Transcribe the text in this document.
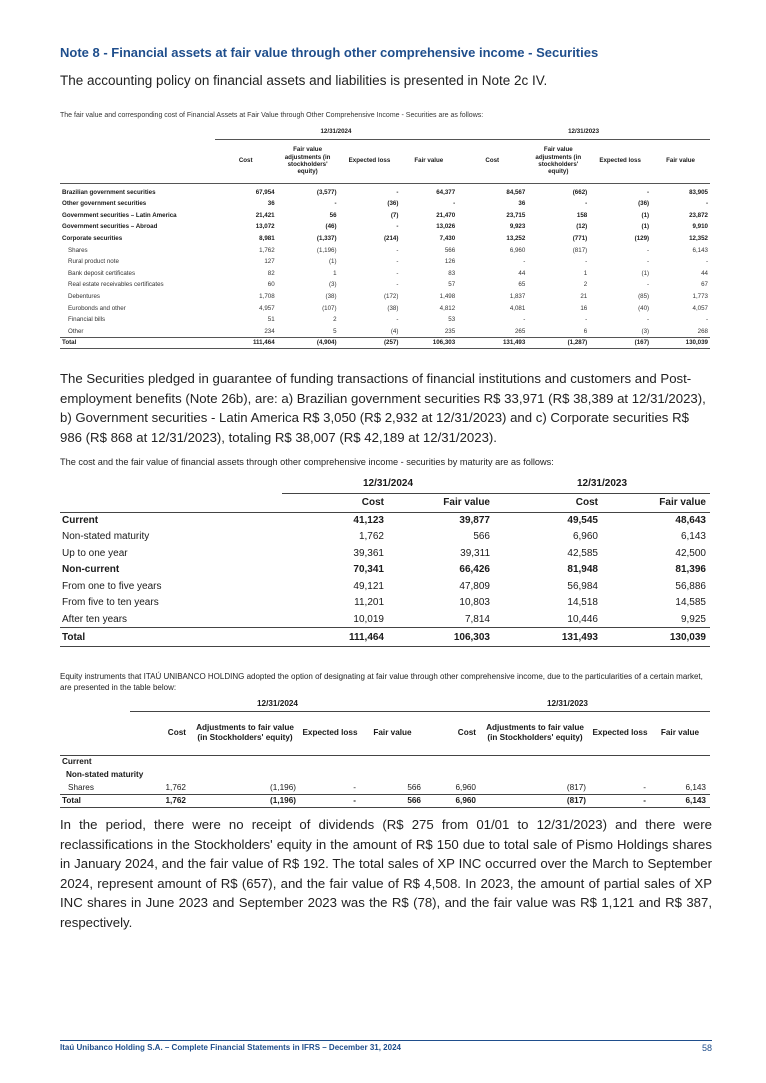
Note 8 - Financial assets at fair value through other comprehensive income - Securities
The accounting policy on financial assets and liabilities is presented in Note 2c IV.
The fair value and corresponding cost of Financial Assets at Fair Value through Other Comprehensive Income - Securities are as follows:
	12/31/2024				12/31/2023			
	Cost	Fair value adjustments (in stockholders' equity)	Expected loss	Fair value	Cost	Fair value adjustments (in stockholders' equity)	Expected loss	Fair value
Brazilian government securities	67,954	(3,577)	-	64,377	84,567	(662)	-	83,905
Other government securities	36	-	(36)	-	36	-	(36)	-
Government securities – Latin America	21,421	56	(7)	21,470	23,715	158	(1)	23,872
Government securities – Abroad	13,072	(46)	-	13,026	9,923	(12)	(1)	9,910
Corporate securities	8,981	(1,337)	(214)	7,430	13,252	(771)	(129)	12,352
Shares	1,762	(1,196)	-	566	6,960	(817)	-	6,143
Rural product note	127	(1)	-	126	-	-	-	-
Bank deposit certificates	82	1	-	83	44	1	(1)	44
Real estate receivables certificates	60	(3)	-	57	65	2	-	67
Debentures	1,708	(38)	(172)	1,498	1,837	21	(85)	1,773
Eurobonds and other	4,957	(107)	(38)	4,812	4,081	16	(40)	4,057
Financial bills	51	2	-	53	-	-	-	-
Other	234	5	(4)	235	265	6	(3)	268
Total	111,464	(4,904)	(257)	106,303	131,493	(1,287)	(167)	130,039
The Securities pledged in guarantee of funding transactions of financial institutions and customers and Post-employment benefits (Note 26b), are: a) Brazilian government securities R$ 33,971 (R$ 38,389 at 12/31/2023), b) Government securities - Latin America R$ 3,050 (R$ 2,932 at 12/31/2023) and c) Corporate securities R$ 986 (R$ 868 at 12/31/2023), totaling R$ 38,007 (R$ 42,189 at 12/31/2023).
The cost and the fair value of financial assets through other comprehensive income - securities by maturity are as follows:
	12/31/2024		12/31/2023	
	Cost	Fair value	Cost	Fair value
Current	41,123	39,877	49,545	48,643
Non-stated maturity	1,762	566	6,960	6,143
Up to one year	39,361	39,311	42,585	42,500
Non-current	70,341	66,426	81,948	81,396
From one to five years	49,121	47,809	56,984	56,886
From five to ten years	11,201	10,803	14,518	14,585
After ten years	10,019	7,814	10,446	9,925
Total	111,464	106,303	131,493	130,039
Equity instruments that ITAÚ UNIBANCO HOLDING adopted the option of designating at fair value through other comprehensive income, due to the particularities of a certain market, are presented in the table below:
	12/31/2024				12/31/2023			
	Cost	Adjustments to fair value (in Stockholders' equity)	Expected loss	Fair value	Cost	Adjustments to fair value (in Stockholders' equity)	Expected loss	Fair value
Current								
Non-stated maturity								
Shares	1,762	(1,196)	-	566	6,960	(817)	-	6,143
Total	1,762	(1,196)	-	566	6,960	(817)	-	6,143
In the period, there were no receipt of dividends (R$ 275 from 01/01 to 12/31/2023) and there were reclassifications in the Stockholders' equity in the amount of R$ 150 due to total sale of Pismo Holdings shares in January 2024, and the fair value of R$ 192. The total sales of XP INC occurred over the March to September 2024, represent amount of R$ (657), and the fair value of R$ 4,508. In 2023, the amount of partial sales of XP INC shares in June 2023 and September 2023 was the R$ (78), and the fair value was R$ 1,121 and R$ 387, respectively.
Itaú Unibanco Holding S.A. – Complete Financial Statements in IFRS – December 31, 2024	58
